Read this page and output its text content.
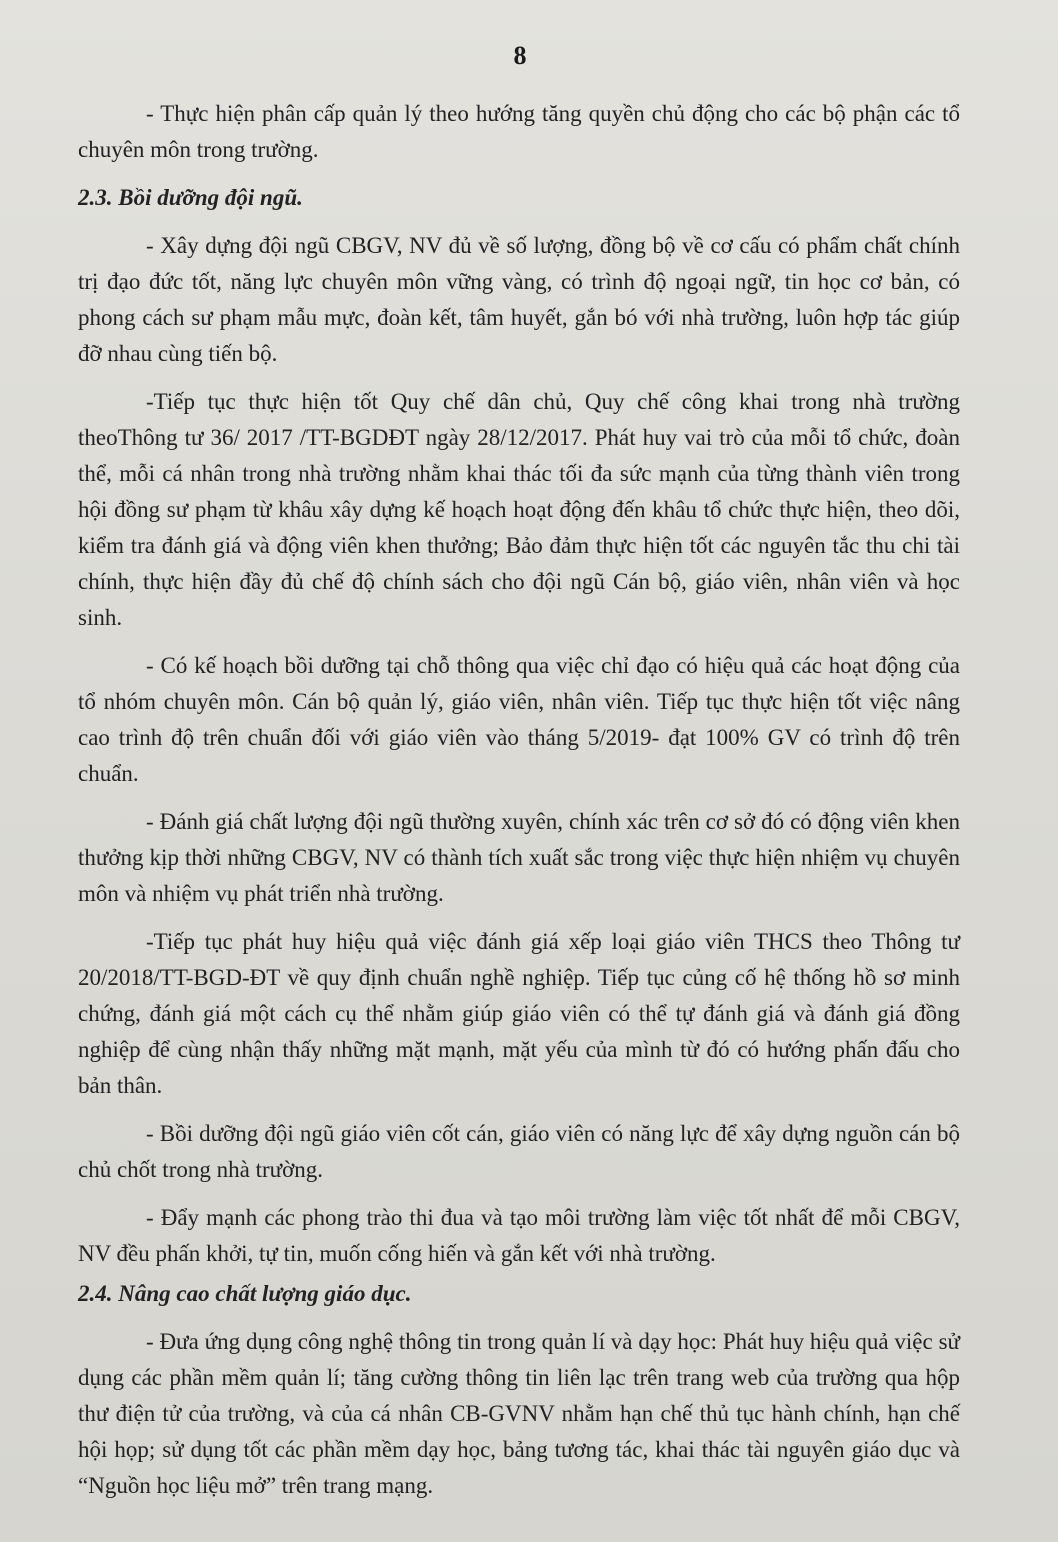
8

- Thực hiện phân cấp quản lý theo hướng tăng quyền chủ động cho các bộ phận các tổ chuyên môn trong trường.

2.3. Bồi dưỡng đội ngũ.

- Xây dựng đội ngũ CBGV, NV đủ về số lượng, đồng bộ về cơ cấu có phẩm chất chính trị đạo đức tốt, năng lực chuyên môn vững vàng, có trình độ ngoại ngữ, tin học cơ bản, có phong cách sư phạm mẫu mực, đoàn kết, tâm huyết, gắn bó với nhà trường, luôn hợp tác giúp đỡ nhau cùng tiến bộ.

-Tiếp tục thực hiện tốt Quy chế dân chủ, Quy chế công khai trong nhà trường theoThông tư 36/ 2017 /TT-BGDĐT ngày 28/12/2017. Phát huy vai trò của mỗi tổ chức, đoàn thể, mỗi cá nhân trong nhà trường nhằm khai thác tối đa sức mạnh của từng thành viên trong hội đồng sư phạm từ khâu xây dựng kế hoạch hoạt động đến khâu tổ chức thực hiện, theo dõi, kiểm tra đánh giá và động viên khen thưởng; Bảo đảm thực hiện tốt các nguyên tắc thu chi tài chính, thực hiện đầy đủ chế độ chính sách cho đội ngũ Cán bộ, giáo viên, nhân viên và học sinh.

- Có kế hoạch bồi dưỡng tại chỗ thông qua việc chỉ đạo có hiệu quả các hoạt động của tổ nhóm chuyên môn. Cán bộ quản lý, giáo viên, nhân viên. Tiếp tục thực hiện tốt việc nâng cao trình độ trên chuẩn đối với giáo viên vào tháng 5/2019- đạt 100% GV có trình độ trên chuẩn.

- Đánh giá chất lượng đội ngũ thường xuyên, chính xác trên cơ sở đó có động viên khen thưởng kịp thời những CBGV, NV có thành tích xuất sắc trong việc thực hiện nhiệm vụ chuyên môn và nhiệm vụ phát triển nhà trường.

-Tiếp tục phát huy hiệu quả việc đánh giá xếp loại giáo viên THCS theo Thông tư 20/2018/TT-BGD-ĐT về quy định chuẩn nghề nghiệp. Tiếp tục củng cố hệ thống hồ sơ minh chứng, đánh giá một cách cụ thể nhằm giúp giáo viên có thể tự đánh giá và đánh giá đồng nghiệp để cùng nhận thấy những mặt mạnh, mặt yếu của mình từ đó có hướng phấn đấu cho bản thân.

- Bồi dưỡng đội ngũ giáo viên cốt cán, giáo viên có năng lực để xây dựng nguồn cán bộ chủ chốt trong nhà trường.

- Đẩy mạnh các phong trào thi đua và tạo môi trường làm việc tốt nhất để mỗi CBGV, NV đều phấn khởi, tự tin, muốn cống hiến và gắn kết với nhà trường.

2.4. Nâng cao chất lượng giáo dục.

- Đưa ứng dụng công nghệ thông tin trong quản lí và dạy học: Phát huy hiệu quả việc sử dụng các phần mềm quản lí; tăng cường thông tin liên lạc trên trang web của trường qua hộp thư điện tử của trường, và của cá nhân CB-GVNV nhằm hạn chế thủ tục hành chính, hạn chế hội họp; sử dụng tốt các phần mềm dạy học, bảng tương tác, khai thác tài nguyên giáo dục và “Nguồn học liệu mở” trên trang mạng.
